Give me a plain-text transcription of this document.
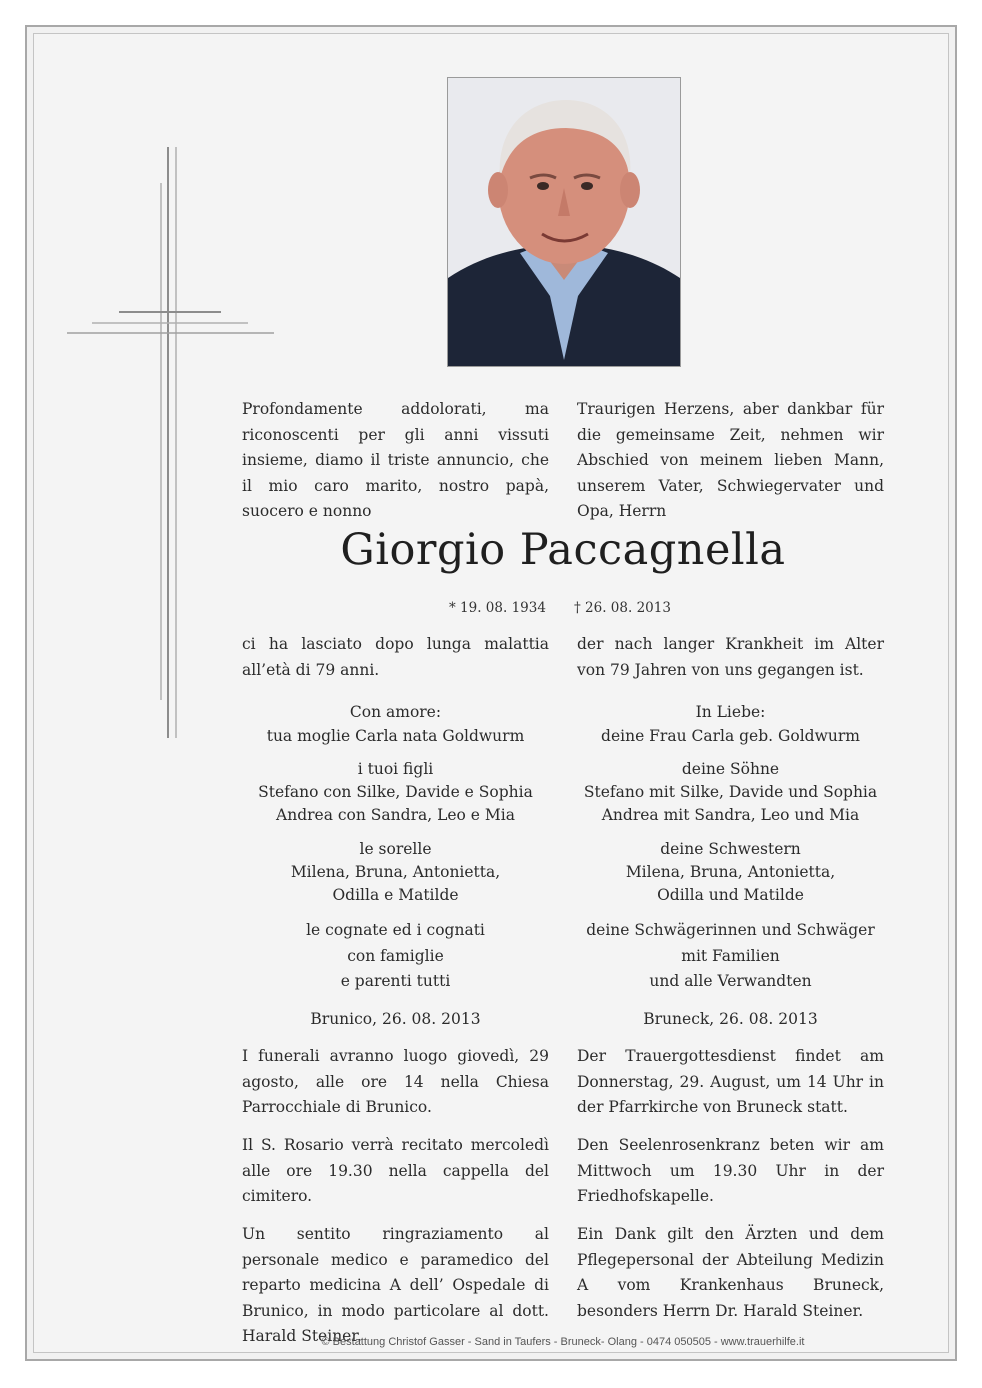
Profondamente addolorati, ma riconoscenti per gli anni vissuti insieme, diamo il triste annuncio, che il mio caro marito, nostro papà, suocero e nonno
Traurigen Herzens, aber dankbar für die gemeinsame Zeit, nehmen wir Abschied von meinem lieben Mann, unserem Vater, Schwiegervater und Opa, Herrn
Giorgio Paccagnella
* 19. 08. 1934 † 26. 08. 2013
ci ha lasciato dopo lunga malattia all’età di 79 anni.
der nach langer Krankheit im Alter von 79 Jahren von uns gegangen ist.
Con amore:
tua moglie Carla nata Goldwurm
i tuoi figli
Stefano con Silke, Davide e Sophia
Andrea con Sandra, Leo e Mia
le sorelle
Milena, Bruna, Antonietta,
Odilla e Matilde
le cognate ed i cognati
con famiglie
e parenti tutti
In Liebe:
deine Frau Carla geb. Goldwurm
deine Söhne
Stefano mit Silke, Davide und Sophia
Andrea mit Sandra, Leo und Mia
deine Schwestern
Milena, Bruna, Antonietta,
Odilla und Matilde
deine Schwägerinnen und Schwäger
mit Familien
und alle Verwandten
Brunico, 26. 08. 2013	Bruneck, 26. 08. 2013
I funerali avranno luogo giovedì, 29 agosto, alle ore 14 nella Chiesa Parrocchiale di Brunico.
Der Trauergottesdienst findet am Donnerstag, 29. August, um 14 Uhr in der Pfarrkirche von Bruneck statt.
Il S. Rosario verrà recitato mercoledì alle ore 19.30 nella cappella del cimitero.
Den Seelenrosenkranz beten wir am Mittwoch um 19.30 Uhr in der Friedhofskapelle.
Un sentito ringraziamento al personale medico e paramedico del reparto medicina A dell’ Ospedale di Brunico, in modo particolare al dott. Harald Steiner.
Ein Dank gilt den Ärzten und dem Pflegepersonal der Abteilung Medizin A vom Krankenhaus Bruneck, besonders Herrn Dr. Harald Steiner.
© Bestattung Christof Gasser - Sand in Taufers - Bruneck- Olang - 0474 050505 - www.trauerhilfe.it
